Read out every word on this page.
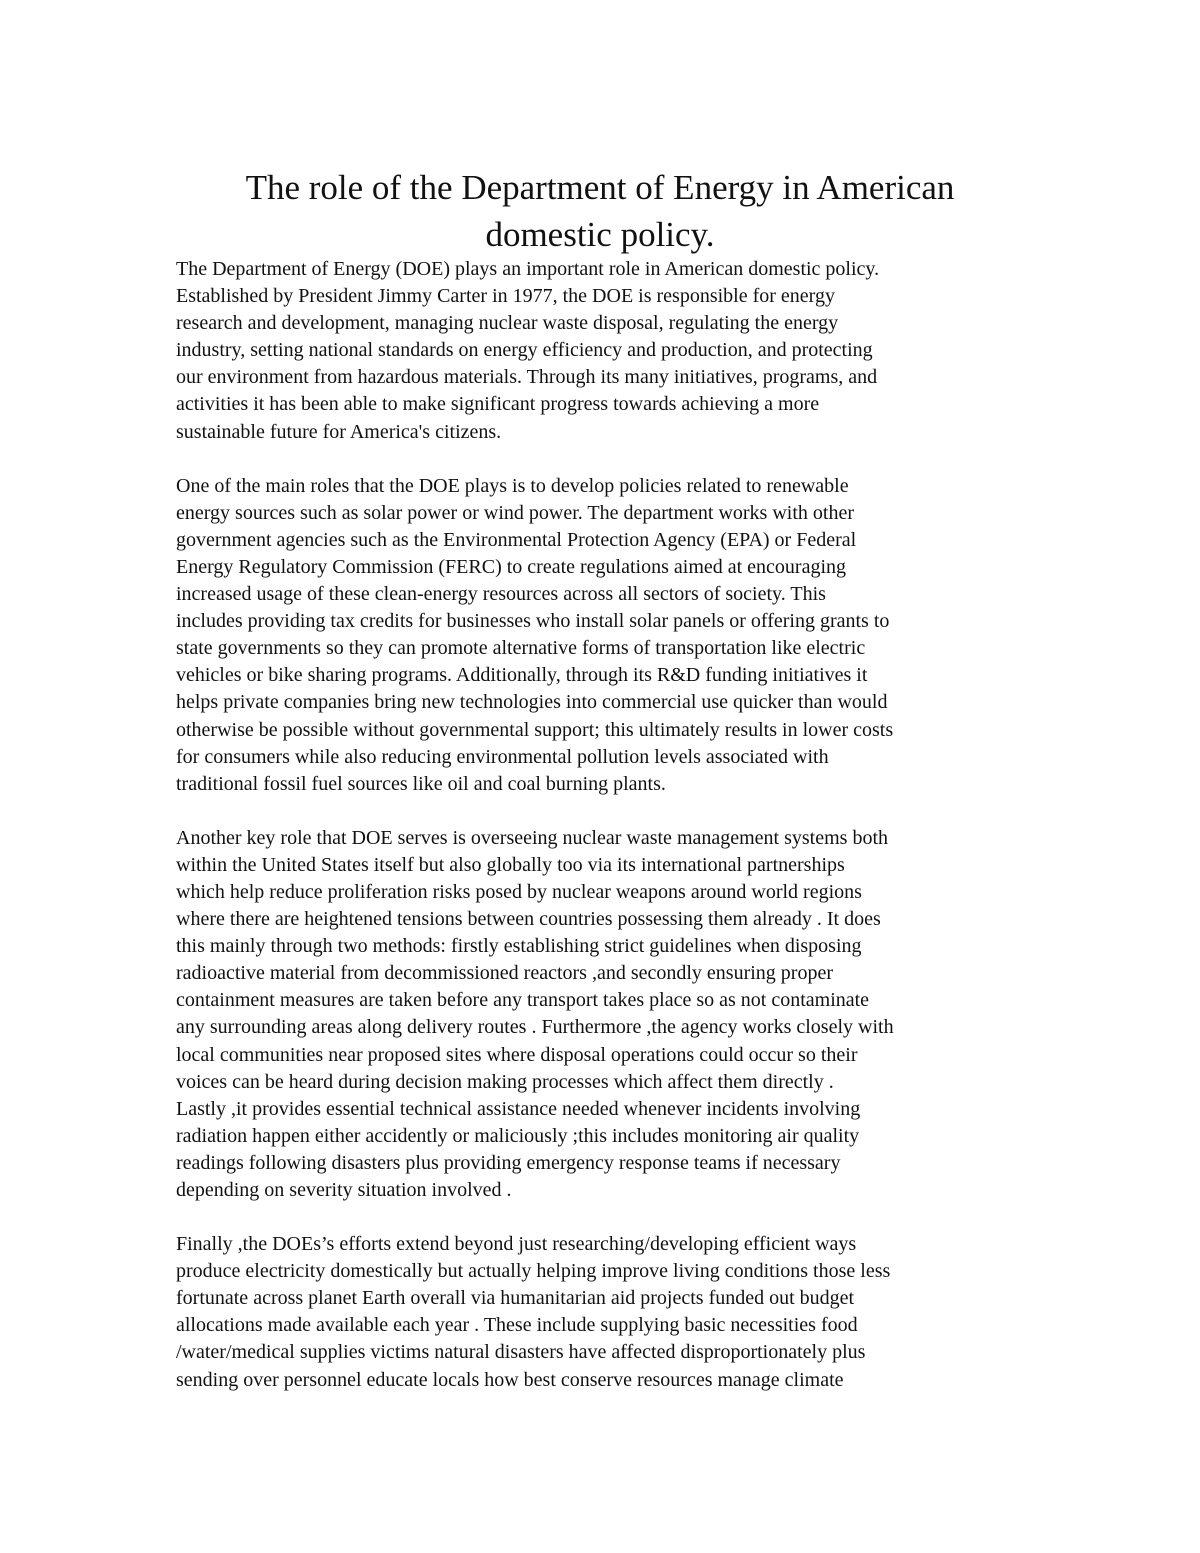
The role of the Department of Energy in American
domestic policy.

The Department of Energy (DOE) plays an important role in American domestic policy.
Established by President Jimmy Carter in 1977, the DOE is responsible for energy
research and development, managing nuclear waste disposal, regulating the energy
industry, setting national standards on energy efficiency and production, and protecting
our environment from hazardous materials. Through its many initiatives, programs, and
activities it has been able to make significant progress towards achieving a more
sustainable future for America's citizens.

One of the main roles that the DOE plays is to develop policies related to renewable
energy sources such as solar power or wind power. The department works with other
government agencies such as the Environmental Protection Agency (EPA) or Federal
Energy Regulatory Commission (FERC) to create regulations aimed at encouraging
increased usage of these clean-energy resources across all sectors of society. This
includes providing tax credits for businesses who install solar panels or offering grants to
state governments so they can promote alternative forms of transportation like electric
vehicles or bike sharing programs. Additionally, through its R&D funding initiatives it
helps private companies bring new technologies into commercial use quicker than would
otherwise be possible without governmental support; this ultimately results in lower costs
for consumers while also reducing environmental pollution levels associated with
traditional fossil fuel sources like oil and coal burning plants.

Another key role that DOE serves is overseeing nuclear waste management systems both
within the United States itself but also globally too via its international partnerships
which help reduce proliferation risks posed by nuclear weapons around world regions
where there are heightened tensions between countries possessing them already . It does
this mainly through two methods: firstly establishing strict guidelines when disposing
radioactive material from decommissioned reactors ,and secondly ensuring proper
containment measures are taken before any transport takes place so as not contaminate
any surrounding areas along delivery routes . Furthermore ,the agency works closely with
local communities near proposed sites where disposal operations could occur so their
voices can be heard during decision making processes which affect them directly .
Lastly ,it provides essential technical assistance needed whenever incidents involving
radiation happen either accidently or maliciously ;this includes monitoring air quality
readings following disasters plus providing emergency response teams if necessary
depending on severity situation involved .

Finally ,the DOEs’s efforts extend beyond just researching/developing efficient ways
produce electricity domestically but actually helping improve living conditions those less
fortunate across planet Earth overall via humanitarian aid projects funded out budget
allocations made available each year . These include supplying basic necessities food
/water/medical supplies victims natural disasters have affected disproportionately plus
sending over personnel educate locals how best conserve resources manage climate
